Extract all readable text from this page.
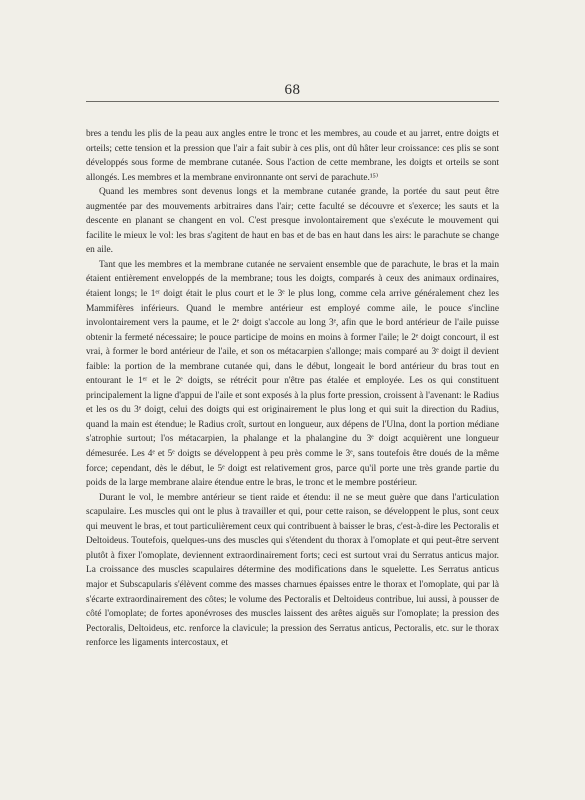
68

bres a tendu les plis de la peau aux angles entre le tronc et les membres, au coude et au jarret, entre doigts et orteils; cette tension et la pression que l'air a fait subir à ces plis, ont dû hâter leur croissance: ces plis se sont développés sous forme de membrane cutanée. Sous l'action de cette membrane, les doigts et orteils se sont allongés. Les membres et la membrane environnante ont servi de parachute.¹⁵⁾

Quand les membres sont devenus longs et la membrane cutanée grande, la portée du saut peut être augmentée par des mouvements arbitraires dans l'air; cette faculté se découvre et s'exerce; les sauts et la descente en planant se changent en vol. C'est presque involontairement que s'exécute le mouvement qui facilite le mieux le vol: les bras s'agitent de haut en bas et de bas en haut dans les airs: le parachute se change en aile.

Tant que les membres et la membrane cutanée ne servaient ensemble que de parachute, le bras et la main étaient entièrement enveloppés de la membrane; tous les doigts, comparés à ceux des animaux ordinaires, étaient longs; le 1ᵉʳ doigt était le plus court et le 3ᵉ le plus long, comme cela arrive généralement chez les Mammifères inférieurs. Quand le membre antérieur est employé comme aile, le pouce s'incline involontairement vers la paume, et le 2ᵉ doigt s'accole au long 3ᵉ, afin que le bord antérieur de l'aile puisse obtenir la fermeté nécessaire; le pouce participe de moins en moins à former l'aile; le 2ᵉ doigt concourt, il est vrai, à former le bord antérieur de l'aile, et son os métacarpien s'allonge; mais comparé au 3ᵉ doigt il devient faible: la portion de la membrane cutanée qui, dans le début, longeait le bord antérieur du bras tout en entourant le 1ᵉʳ et le 2ᵉ doigts, se rétrécit pour n'être pas étalée et employée. Les os qui constituent principalement la ligne d'appui de l'aile et sont exposés à la plus forte pression, croissent à l'avenant: le Radius et les os du 3ᵉ doigt, celui des doigts qui est originairement le plus long et qui suit la direction du Radius, quand la main est étendue; le Radius croît, surtout en longueur, aux dépens de l'Ulna, dont la portion médiane s'atrophie surtout; l'os métacarpien, la phalange et la phalangine du 3ᵉ doigt acquièrent une longueur démesurée. Les 4ᵉ et 5ᵉ doigts se développent à peu près comme le 3ᵉ, sans toutefois être doués de la même force; cependant, dès le début, le 5ᵉ doigt est relativement gros, parce qu'il porte une très grande partie du poids de la large membrane alaire étendue entre le bras, le tronc et le membre postérieur.

Durant le vol, le membre antérieur se tient raide et étendu: il ne se meut guère que dans l'articulation scapulaire. Les muscles qui ont le plus à travailler et qui, pour cette raison, se développent le plus, sont ceux qui meuvent le bras, et tout particulièrement ceux qui contribuent à baisser le bras, c'est-à-dire les Pectoralis et Deltoideus. Toutefois, quelques-uns des muscles qui s'étendent du thorax à l'omoplate et qui peut-être servent plutôt à fixer l'omoplate, deviennent extraordinairement forts; ceci est surtout vrai du Serratus anticus major. La croissance des muscles scapulaires détermine des modifications dans le squelette. Les Serratus anticus major et Subscapularis s'élèvent comme des masses charnues épaisses entre le thorax et l'omoplate, qui par là s'écarte extraordinairement des côtes; le volume des Pectoralis et Deltoideus contribue, lui aussi, à pousser de côté l'omoplate; de fortes aponévroses des muscles laissent des arêtes aiguës sur l'omoplate; la pression des Pectoralis, Deltoideus, etc. renforce la clavicule; la pression des Serratus anticus, Pectoralis, etc. sur le thorax renforce les ligaments intercostaux, et
